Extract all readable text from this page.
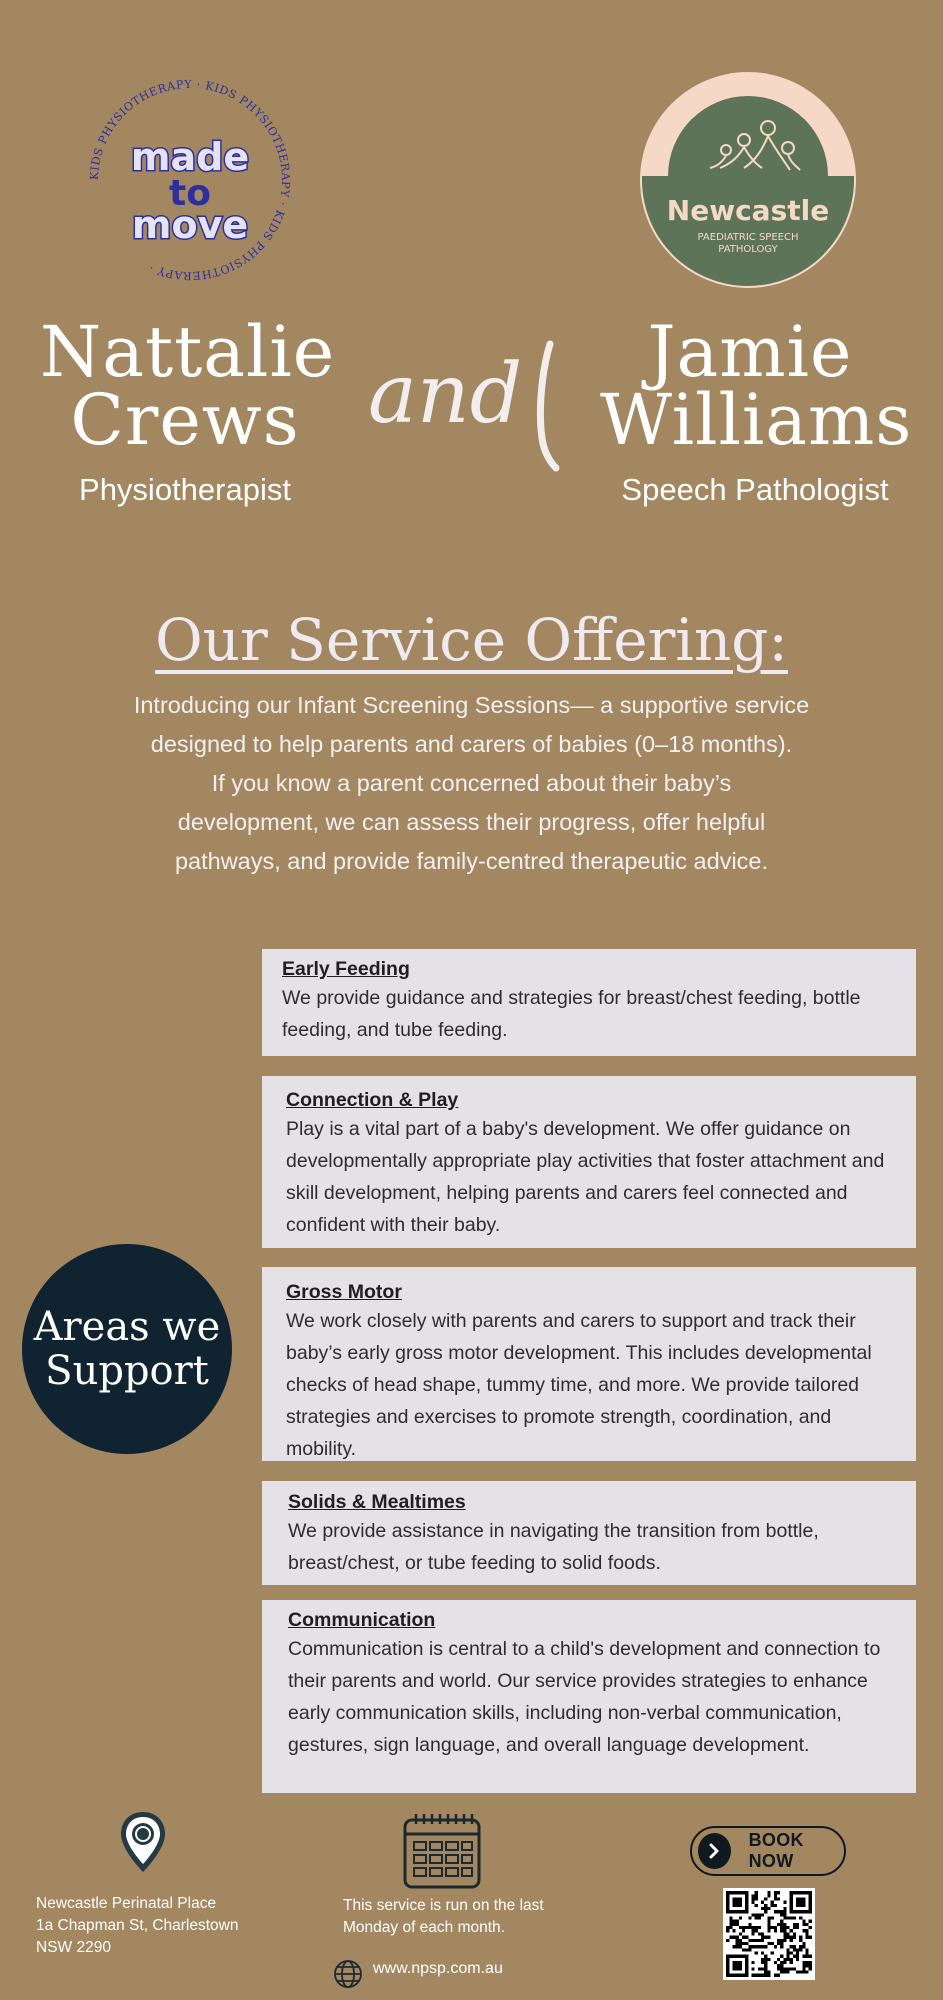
KIDS PHYSIOTHERAPY · KIDS PHYSIOTHERAPY · KIDS PHYSIOTHERAPY ·
made
to
move	Newcastle
PAEDIATRIC SPEECH
PATHOLOGY
Nattalie
Crews
Physiotherapist
and	Jamie
Williams
Speech Pathologist
Our Service Offering:
Introducing our Infant Screening Sessions— a supportive service
designed to help parents and carers of babies (0–18 months).
If you know a parent concerned about their baby’s
development, we can assess their progress, offer helpful
pathways, and provide family-centred therapeutic advice.
Areas we
Support
Early Feeding
We provide guidance and strategies for breast/chest feeding, bottle feeding, and tube feeding.
Connection & Play
Play is a vital part of a baby's development. We offer guidance on developmentally appropriate play activities that foster attachment and skill development, helping parents and carers feel connected and confident with their baby.
Gross Motor
We work closely with parents and carers to support and track their baby’s early gross motor development. This includes developmental checks of head shape, tummy time, and more. We provide tailored strategies and exercises to promote strength, coordination, and mobility.
Solids & Mealtimes
We provide assistance in navigating the transition from bottle, breast/chest, or tube feeding to solid foods.
Communication
Communication is central to a child's development and connection to their parents and world. Our service provides strategies to enhance early communication skills, including non-verbal communication, gestures, sign language, and overall language development.
Newcastle Perinatal Place
1a Chapman St, Charlestown
NSW 2290
This service is run on the last
Monday of each month.
www.npsp.com.au
BOOK NOW
